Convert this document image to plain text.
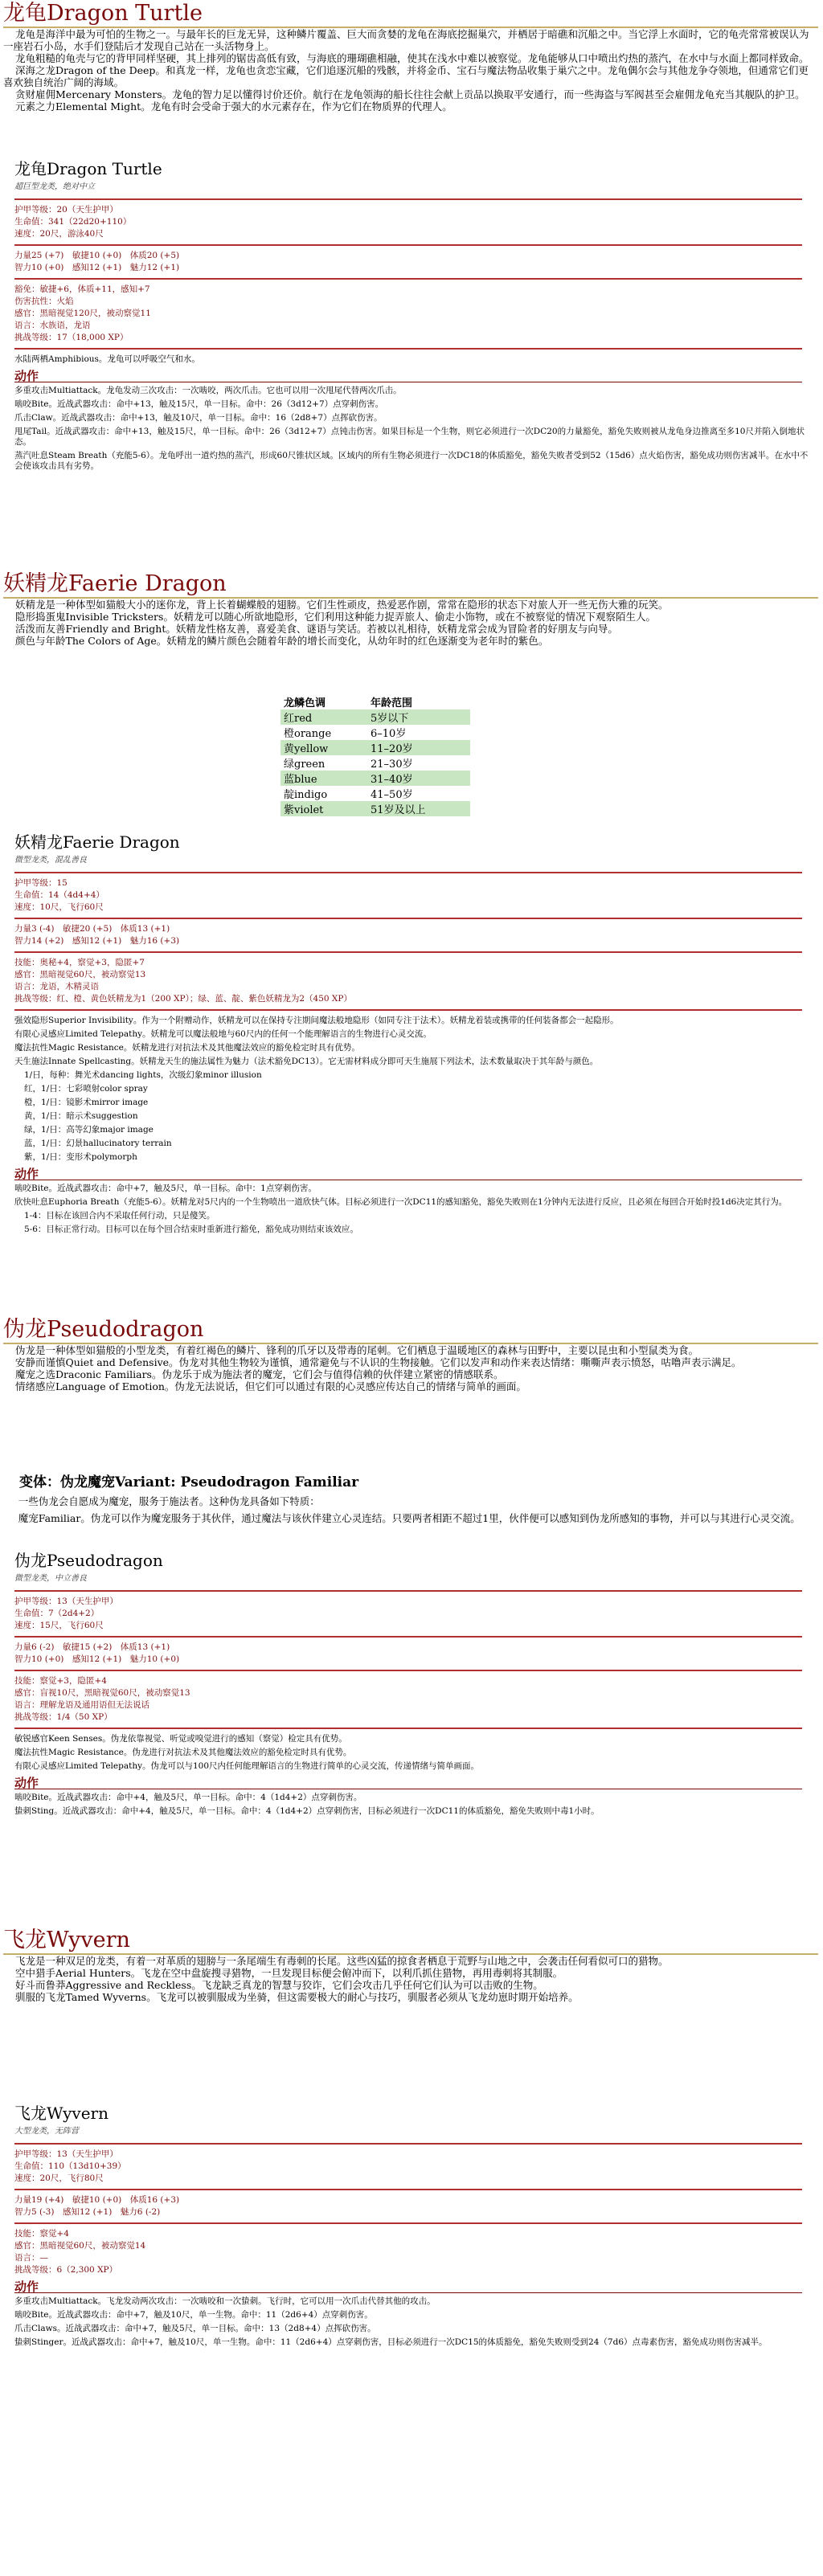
龙龟Dragon Turtle

龙龟是海洋中最为可怕的生物之一。与最年长的巨龙无异，这种鳞片覆盖、巨大而贪婪的龙龟在海底挖掘巢穴，并栖居于暗礁和沉船之中。当它浮上水面时，它的龟壳常常被误认为一座岩石小岛，水手们登陆后才发现自己站在一头活物身上。

龙龟粗糙的龟壳与它的背甲同样坚硬，其上排列的锯齿高低有致，与海底的珊瑚礁相融，使其在浅水中难以被察觉。龙龟能够从口中喷出灼热的蒸汽，在水中与水面上都同样致命。

深海之龙Dragon of the Deep。和真龙一样，龙龟也贪恋宝藏，它们追逐沉船的残骸，并将金币、宝石与魔法物品收集于巢穴之中。龙龟偶尔会与其他龙争夺领地，但通常它们更喜欢独自统治广阔的海域。

贪财雇佣Mercenary Monsters。龙龟的智力足以懂得讨价还价。航行在龙龟领海的船长往往会献上贡品以换取平安通行，而一些海盗与军阀甚至会雇佣龙龟充当其舰队的护卫。

元素之力Elemental Might。龙龟有时会受命于强大的水元素存在，作为它们在物质界的代理人。

龙龟Dragon Turtle
超巨型龙类，绝对中立
护甲等级：20（天生护甲）
生命值：341（22d20+110）
速度：20尺，游泳40尺
力量25 (+7)　敏捷10 (+0)　体质20 (+5)
智力10 (+0)　感知12 (+1)　魅力12 (+1)
豁免：敏捷+6，体质+11，感知+7
伤害抗性：火焰
感官：黑暗视觉120尺，被动察觉11
语言：水族语，龙语
挑战等级：17（18,000 XP）
水陆两栖Amphibious。龙龟可以呼吸空气和水。
动作
多重攻击Multiattack。龙龟发动三次攻击：一次啮咬，两次爪击。它也可以用一次甩尾代替两次爪击。
啮咬Bite。近战武器攻击：命中+13，触及15尺，单一目标。命中：26（3d12+7）点穿刺伤害。
爪击Claw。近战武器攻击：命中+13，触及10尺，单一目标。命中：16（2d8+7）点挥砍伤害。
甩尾Tail。近战武器攻击：命中+13，触及15尺，单一目标。命中：26（3d12+7）点钝击伤害。如果目标是一个生物，则它必须进行一次DC20的力量豁免，豁免失败则被从龙龟身边推离至多10尺并陷入倒地状态。
蒸汽吐息Steam Breath（充能5-6）。龙龟呼出一道灼热的蒸汽，形成60尺锥状区域。区域内的所有生物必须进行一次DC18的体质豁免，豁免失败者受到52（15d6）点火焰伤害，豁免成功则伤害减半。在水中不会使该攻击具有劣势。
妖精龙Faerie Dragon

妖精龙是一种体型如猫般大小的迷你龙，背上长着蝴蝶般的翅膀。它们生性顽皮，热爱恶作剧，常常在隐形的状态下对旅人开一些无伤大雅的玩笑。

隐形捣蛋鬼Invisible Tricksters。妖精龙可以随心所欲地隐形，它们利用这种能力捉弄旅人、偷走小饰物，或在不被察觉的情况下观察陌生人。

活泼而友善Friendly and Bright。妖精龙性格友善，喜爱美食、谜语与笑话。若被以礼相待，妖精龙常会成为冒险者的好朋友与向导。

颜色与年龄The Colors of Age。妖精龙的鳞片颜色会随着年龄的增长而变化，从幼年时的红色逐渐变为老年时的紫色。

龙鳞色调	年龄范围
红red	5岁以下
橙orange	6–10岁
黄yellow	11–20岁
绿green	21–30岁
蓝blue	31–40岁
靛indigo	41–50岁
紫violet	51岁及以上
妖精龙Faerie Dragon
微型龙类，混乱善良
护甲等级：15
生命值：14（4d4+4）
速度：10尺，飞行60尺
力量3 (-4)　敏捷20 (+5)　体质13 (+1)
智力14 (+2)　感知12 (+1)　魅力16 (+3)
技能：奥秘+4，察觉+3，隐匿+7
感官：黑暗视觉60尺，被动察觉13
语言：龙语，木精灵语
挑战等级：红、橙、黄色妖精龙为1（200 XP）；绿、蓝、靛、紫色妖精龙为2（450 XP）
强效隐形Superior Invisibility。作为一个附赠动作，妖精龙可以在保持专注期间魔法般地隐形（如同专注于法术）。妖精龙着装或携带的任何装备都会一起隐形。
有限心灵感应Limited Telepathy。妖精龙可以魔法般地与60尺内的任何一个能理解语言的生物进行心灵交流。
魔法抗性Magic Resistance。妖精龙进行对抗法术及其他魔法效应的豁免检定时具有优势。
天生施法Innate Spellcasting。妖精龙天生的施法属性为魅力（法术豁免DC13）。它无需材料成分即可天生施展下列法术，法术数量取决于其年龄与颜色。
1/日，每种：舞光术dancing lights，次级幻象minor illusion
红，1/日：七彩喷射color spray
橙，1/日：镜影术mirror image
黄，1/日：暗示术suggestion
绿，1/日：高等幻象major image
蓝，1/日：幻景hallucinatory terrain
紫，1/日：变形术polymorph
动作
啮咬Bite。近战武器攻击：命中+7，触及5尺，单一目标。命中：1点穿刺伤害。
欣快吐息Euphoria Breath（充能5-6）。妖精龙对5尺内的一个生物喷出一道欣快气体。目标必须进行一次DC11的感知豁免，豁免失败则在1分钟内无法进行反应，且必须在每回合开始时投1d6决定其行为。
1-4：目标在该回合内不采取任何行动，只是傻笑。
5-6：目标正常行动。目标可以在每个回合结束时重新进行豁免，豁免成功则结束该效应。
伪龙Pseudodragon

伪龙是一种体型如猫般的小型龙类，有着红褐色的鳞片、锋利的爪牙以及带毒的尾刺。它们栖息于温暖地区的森林与田野中，主要以昆虫和小型鼠类为食。

安静而谨慎Quiet and Defensive。伪龙对其他生物较为谨慎，通常避免与不认识的生物接触。它们以发声和动作来表达情绪：嘶嘶声表示愤怒，咕噜声表示满足。

魔宠之选Draconic Familiars。伪龙乐于成为施法者的魔宠，它们会与值得信赖的伙伴建立紧密的情感联系。

情绪感应Language of Emotion。伪龙无法说话，但它们可以通过有限的心灵感应传达自己的情绪与简单的画面。

变体：伪龙魔宠Variant: Pseudodragon Familiar
一些伪龙会自愿成为魔宠，服务于施法者。这种伪龙具备如下特质：
魔宠Familiar。伪龙可以作为魔宠服务于其伙伴，通过魔法与该伙伴建立心灵连结。只要两者相距不超过1里，伙伴便可以感知到伪龙所感知的事物，并可以与其进行心灵交流。
伪龙Pseudodragon
微型龙类，中立善良
护甲等级：13（天生护甲）
生命值：7（2d4+2）
速度：15尺，飞行60尺
力量6 (-2)　敏捷15 (+2)　体质13 (+1)
智力10 (+0)　感知12 (+1)　魅力10 (+0)
技能：察觉+3，隐匿+4
感官：盲视10尺，黑暗视觉60尺，被动察觉13
语言：理解龙语及通用语但无法说话
挑战等级：1/4（50 XP）
敏锐感官Keen Senses。伪龙依靠视觉、听觉或嗅觉进行的感知（察觉）检定具有优势。
魔法抗性Magic Resistance。伪龙进行对抗法术及其他魔法效应的豁免检定时具有优势。
有限心灵感应Limited Telepathy。伪龙可以与100尺内任何能理解语言的生物进行简单的心灵交流，传递情绪与简单画面。
动作
啮咬Bite。近战武器攻击：命中+4，触及5尺，单一目标。命中：4（1d4+2）点穿刺伤害。
蛰刺Sting。近战武器攻击：命中+4，触及5尺，单一目标。命中：4（1d4+2）点穿刺伤害，目标必须进行一次DC11的体质豁免，豁免失败则中毒1小时。
飞龙Wyvern

飞龙是一种双足的龙类，有着一对革质的翅膀与一条尾端生有毒刺的长尾。这些凶猛的掠食者栖息于荒野与山地之中，会袭击任何看似可口的猎物。

空中猎手Aerial Hunters。飞龙在空中盘旋搜寻猎物，一旦发现目标便会俯冲而下，以利爪抓住猎物，再用毒刺将其制服。

好斗而鲁莽Aggressive and Reckless。飞龙缺乏真龙的智慧与狡诈，它们会攻击几乎任何它们认为可以击败的生物。

驯服的飞龙Tamed Wyverns。飞龙可以被驯服成为坐骑，但这需要极大的耐心与技巧，驯服者必须从飞龙幼崽时期开始培养。

飞龙Wyvern
大型龙类，无阵营
护甲等级：13（天生护甲）
生命值：110（13d10+39）
速度：20尺，飞行80尺
力量19 (+4)　敏捷10 (+0)　体质16 (+3)
智力5 (-3)　感知12 (+1)　魅力6 (-2)
技能：察觉+4
感官：黑暗视觉60尺，被动察觉14
语言：—
挑战等级：6（2,300 XP）
动作
多重攻击Multiattack。飞龙发动两次攻击：一次啮咬和一次蛰刺。飞行时，它可以用一次爪击代替其他的攻击。
啮咬Bite。近战武器攻击：命中+7，触及10尺，单一生物。命中：11（2d6+4）点穿刺伤害。
爪击Claws。近战武器攻击：命中+7，触及5尺，单一目标。命中：13（2d8+4）点挥砍伤害。
蛰刺Stinger。近战武器攻击：命中+7，触及10尺，单一生物。命中：11（2d6+4）点穿刺伤害，目标必须进行一次DC15的体质豁免，豁免失败则受到24（7d6）点毒素伤害，豁免成功则伤害减半。
